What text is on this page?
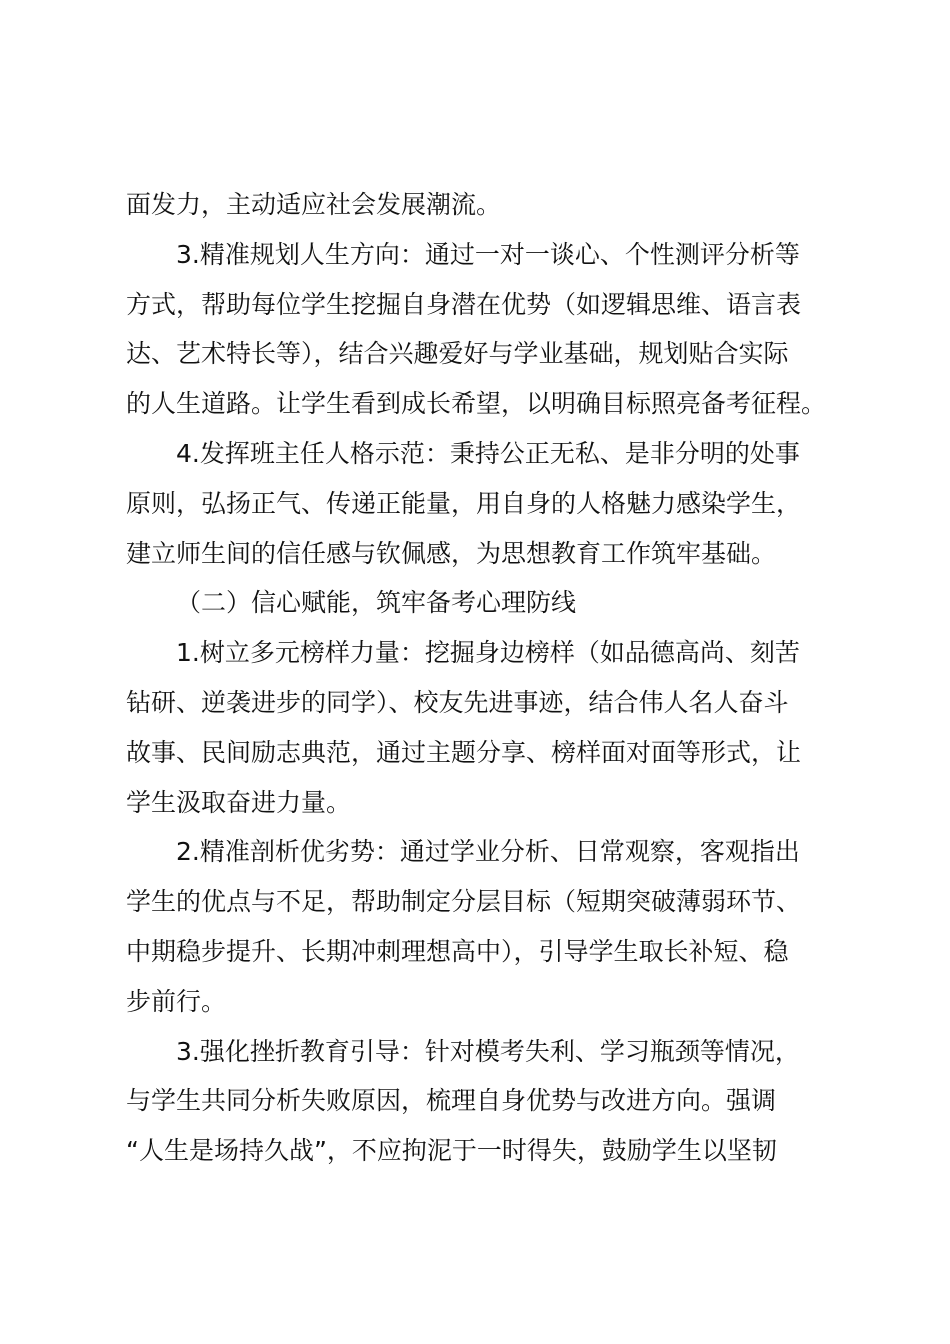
面发力，主动适应社会发展潮流。
3.精准规划人生方向：通过一对一谈心、个性测评分析等
方式，帮助每位学生挖掘自身潜在优势（如逻辑思维、语言表
达、艺术特长等），结合兴趣爱好与学业基础，规划贴合实际
的人生道路。让学生看到成长希望，以明确目标照亮备考征程。
4.发挥班主任人格示范：秉持公正无私、是非分明的处事
原则，弘扬正气、传递正能量，用自身的人格魅力感染学生，
建立师生间的信任感与钦佩感，为思想教育工作筑牢基础。
（二）信心赋能，筑牢备考心理防线
1.树立多元榜样力量：挖掘身边榜样（如品德高尚、刻苦
钻研、逆袭进步的同学）、校友先进事迹，结合伟人名人奋斗
故事、民间励志典范，通过主题分享、榜样面对面等形式，让
学生汲取奋进力量。
2.精准剖析优劣势：通过学业分析、日常观察，客观指出
学生的优点与不足，帮助制定分层目标（短期突破薄弱环节、
中期稳步提升、长期冲刺理想高中），引导学生取长补短、稳
步前行。
3.强化挫折教育引导：针对模考失利、学习瓶颈等情况，
与学生共同分析失败原因，梳理自身优势与改进方向。强调
“人生是场持久战”，不应拘泥于一时得失，鼓励学生以坚韧
